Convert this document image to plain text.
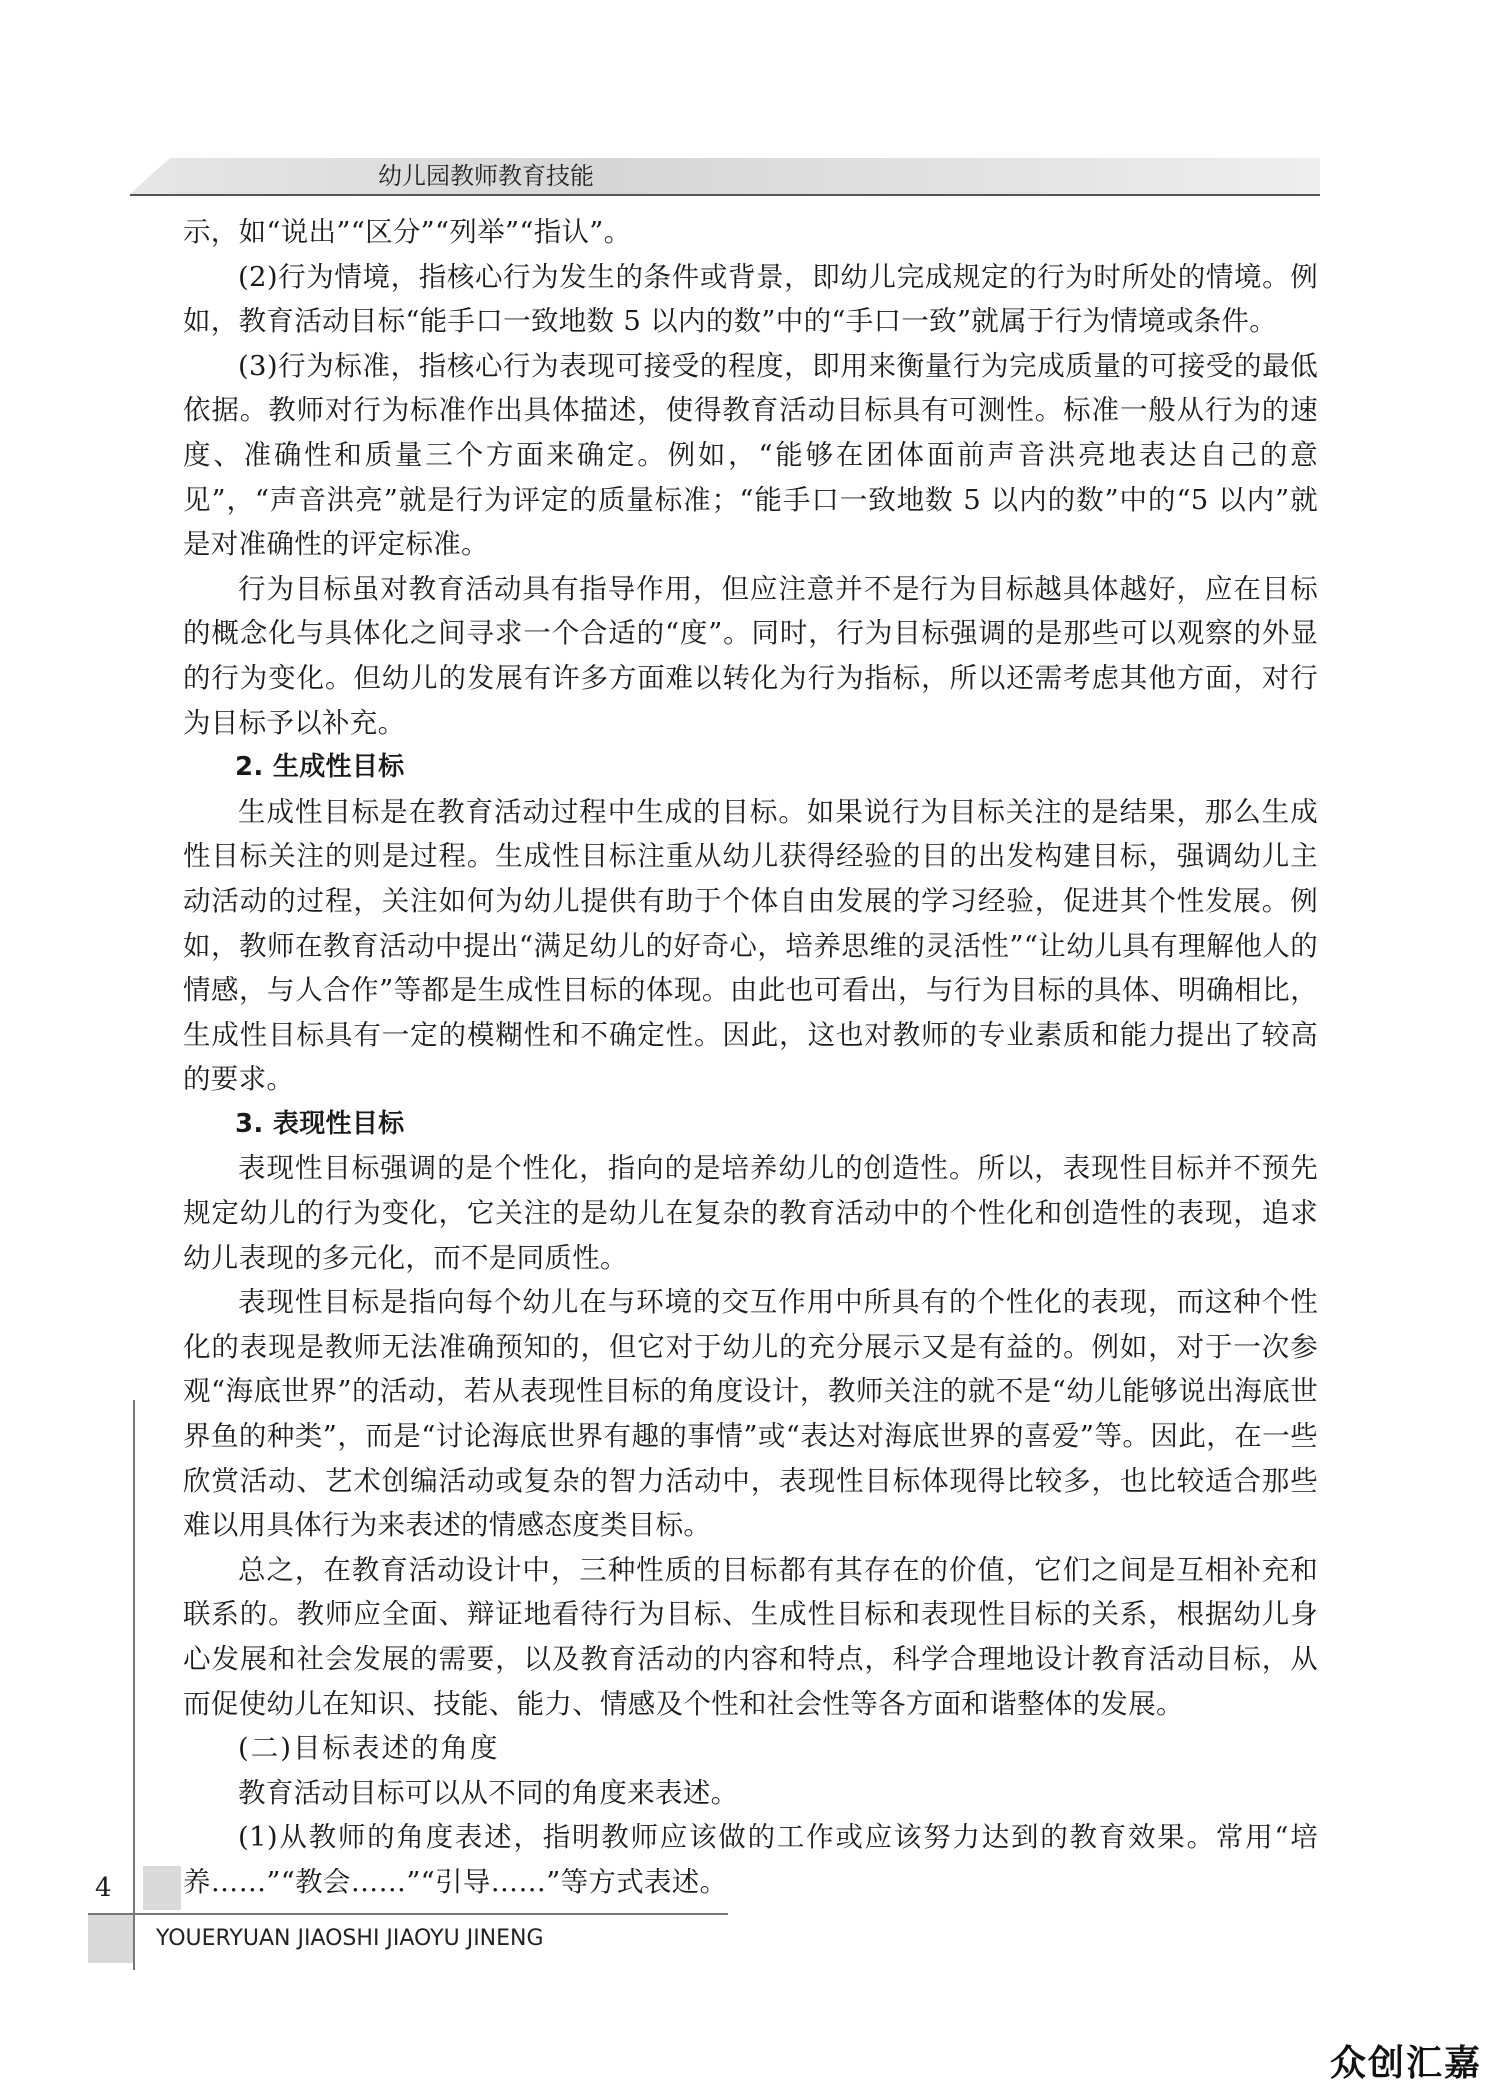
幼儿园教师教育技能

示，如“说出”“区分”“列举”“指认”。

(2)行为情境，指核心行为发生的条件或背景，即幼儿完成规定的行为时所处的情境。例如，教育活动目标“能手口一致地数 5 以内的数”中的“手口一致”就属于行为情境或条件。

(3)行为标准，指核心行为表现可接受的程度，即用来衡量行为完成质量的可接受的最低依据。教师对行为标准作出具体描述，使得教育活动目标具有可测性。标准一般从行为的速度、准确性和质量三个方面来确定。例如，“能够在团体面前声音洪亮地表达自己的意见”，“声音洪亮”就是行为评定的质量标准；“能手口一致地数 5 以内的数”中的“5 以内”就是对准确性的评定标准。

行为目标虽对教育活动具有指导作用，但应注意并不是行为目标越具体越好，应在目标的概念化与具体化之间寻求一个合适的“度”。同时，行为目标强调的是那些可以观察的外显的行为变化。但幼儿的发展有许多方面难以转化为行为指标，所以还需考虑其他方面，对行为目标予以补充。

2. 生成性目标

生成性目标是在教育活动过程中生成的目标。如果说行为目标关注的是结果，那么生成性目标关注的则是过程。生成性目标注重从幼儿获得经验的目的出发构建目标，强调幼儿主动活动的过程，关注如何为幼儿提供有助于个体自由发展的学习经验，促进其个性发展。例如，教师在教育活动中提出“满足幼儿的好奇心，培养思维的灵活性”“让幼儿具有理解他人的情感，与人合作”等都是生成性目标的体现。由此也可看出，与行为目标的具体、明确相比，生成性目标具有一定的模糊性和不确定性。因此，这也对教师的专业素质和能力提出了较高的要求。

3. 表现性目标

表现性目标强调的是个性化，指向的是培养幼儿的创造性。所以，表现性目标并不预先规定幼儿的行为变化，它关注的是幼儿在复杂的教育活动中的个性化和创造性的表现，追求幼儿表现的多元化，而不是同质性。

表现性目标是指向每个幼儿在与环境的交互作用中所具有的个性化的表现，而这种个性化的表现是教师无法准确预知的，但它对于幼儿的充分展示又是有益的。例如，对于一次参观“海底世界”的活动，若从表现性目标的角度设计，教师关注的就不是“幼儿能够说出海底世界鱼的种类”，而是“讨论海底世界有趣的事情”或“表达对海底世界的喜爱”等。因此，在一些欣赏活动、艺术创编活动或复杂的智力活动中，表现性目标体现得比较多，也比较适合那些难以用具体行为来表述的情感态度类目标。

总之，在教育活动设计中，三种性质的目标都有其存在的价值，它们之间是互相补充和联系的。教师应全面、辩证地看待行为目标、生成性目标和表现性目标的关系，根据幼儿身心发展和社会发展的需要，以及教育活动的内容和特点，科学合理地设计教育活动目标，从而促使幼儿在知识、技能、能力、情感及个性和社会性等各方面和谐整体的发展。

(二)目标表述的角度

教育活动目标可以从不同的角度来表述。

(1)从教师的角度表述，指明教师应该做的工作或应该努力达到的教育效果。常用“培养……”“教会……”“引导……”等方式表述。

4
YOUERYUAN JIAOSHI JIAOYU JINENG
众创汇嘉
